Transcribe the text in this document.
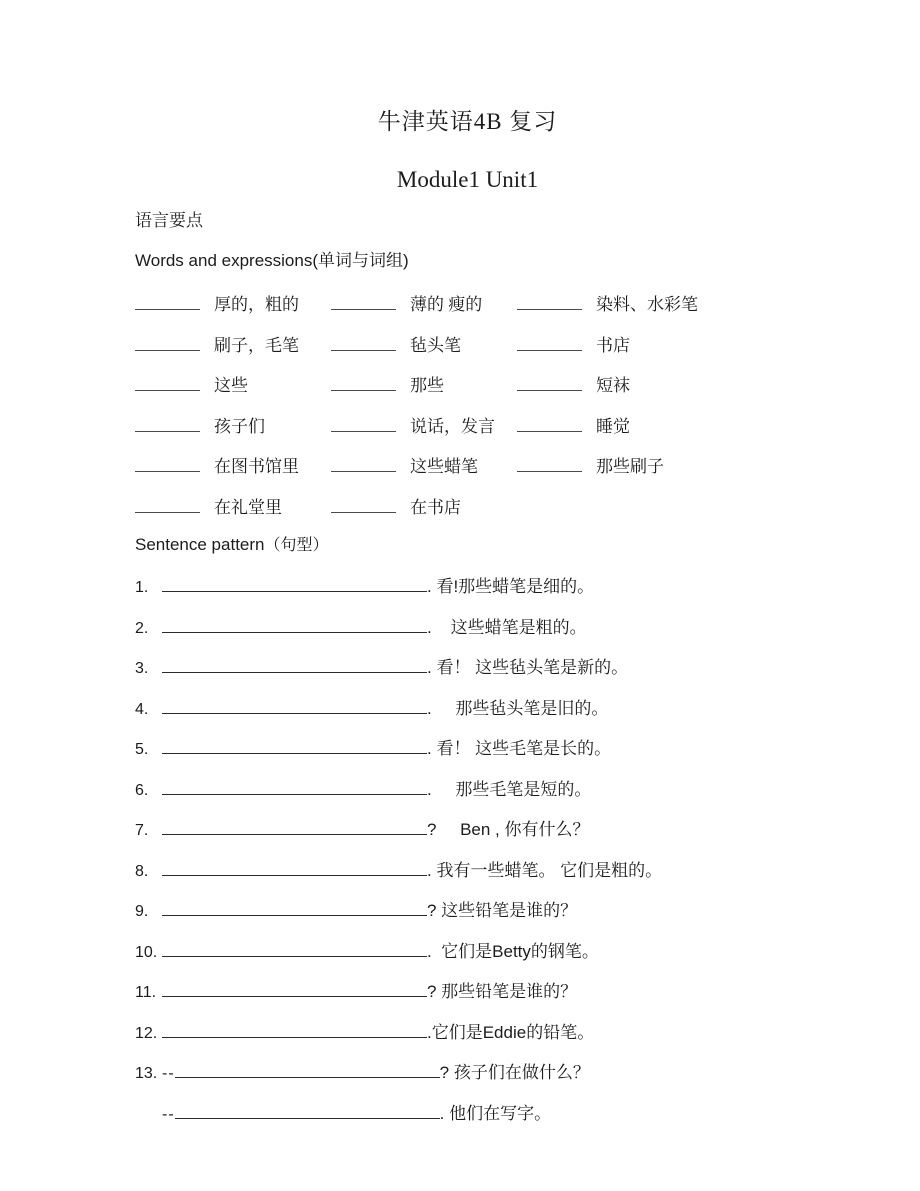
牛津英语4B 复习
Module1 Unit1
语言要点
Words and expressions(单词与词组)
厚的，粗的	薄的 瘦的	染料、水彩笔
刷子，毛笔	毡头笔	书店
这些	那些	短袜
孩子们	说话，发言	睡觉
在图书馆里	这些蜡笔	那些刷子
在礼堂里	在书店
Sentence pattern （句型）
1.	. 看!那些蜡笔是细的。
2.	.    这些蜡笔是粗的。
3.	. 看！ 这些毡头笔是新的。
4.	.     那些毡头笔是旧的。
5.	. 看！ 这些毛笔是长的。
6.	.     那些毛笔是短的。
7.	?     Ben , 你有什么？
8.	. 我有一些蜡笔。 它们是粗的。
9.	? 这些铅笔是谁的？
10.	.  它们是Betty的钢笔。
11.	? 那些铅笔是谁的？
12.	.它们是Eddie的铅笔。
13. --	? 孩子们在做什么？
--	. 他们在写字。
